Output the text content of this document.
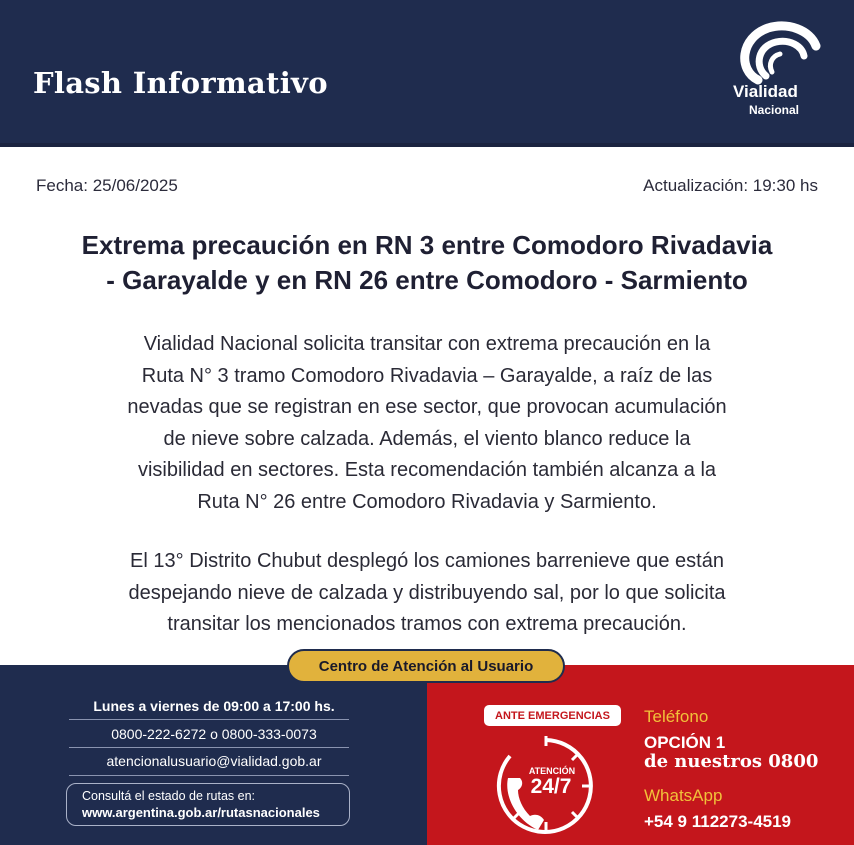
Flash Informativo	Vialidad
Nacional
Fecha: 25/06/2025	Actualización: 19:30 hs
Extrema precaución en RN 3 entre Comodoro Rivadavia
- Garayalde y en RN 26 entre Comodoro - Sarmiento
Vialidad Nacional solicita transitar con extrema precaución en la
Ruta N° 3 tramo Comodoro Rivadavia – Garayalde, a raíz de las
nevadas que se registran en ese sector, que provocan acumulación
de nieve sobre calzada. Además, el viento blanco reduce la
visibilidad en sectores. Esta recomendación también alcanza a la
Ruta N° 26 entre Comodoro Rivadavia y Sarmiento.
El 13° Distrito Chubut desplegó los camiones barrenieve que están
despejando nieve de calzada y distribuyendo sal, por lo que solicita
transitar los mencionados tramos con extrema precaución.
Centro de Atención al Usuario
Lunes a viernes de 09:00 a 17:00 hs.
0800-222-6272 o 0800-333-0073
atencionalusuario@vialidad.gob.ar
Consultá el estado de rutas en:
www.argentina.gob.ar/rutasnacionales
ANTE EMERGENCIAS
ATENCIÓN
24/7
Teléfono
OPCIÓN 1
de nuestros 0800
WhatsApp
+54 9 112273-4519
